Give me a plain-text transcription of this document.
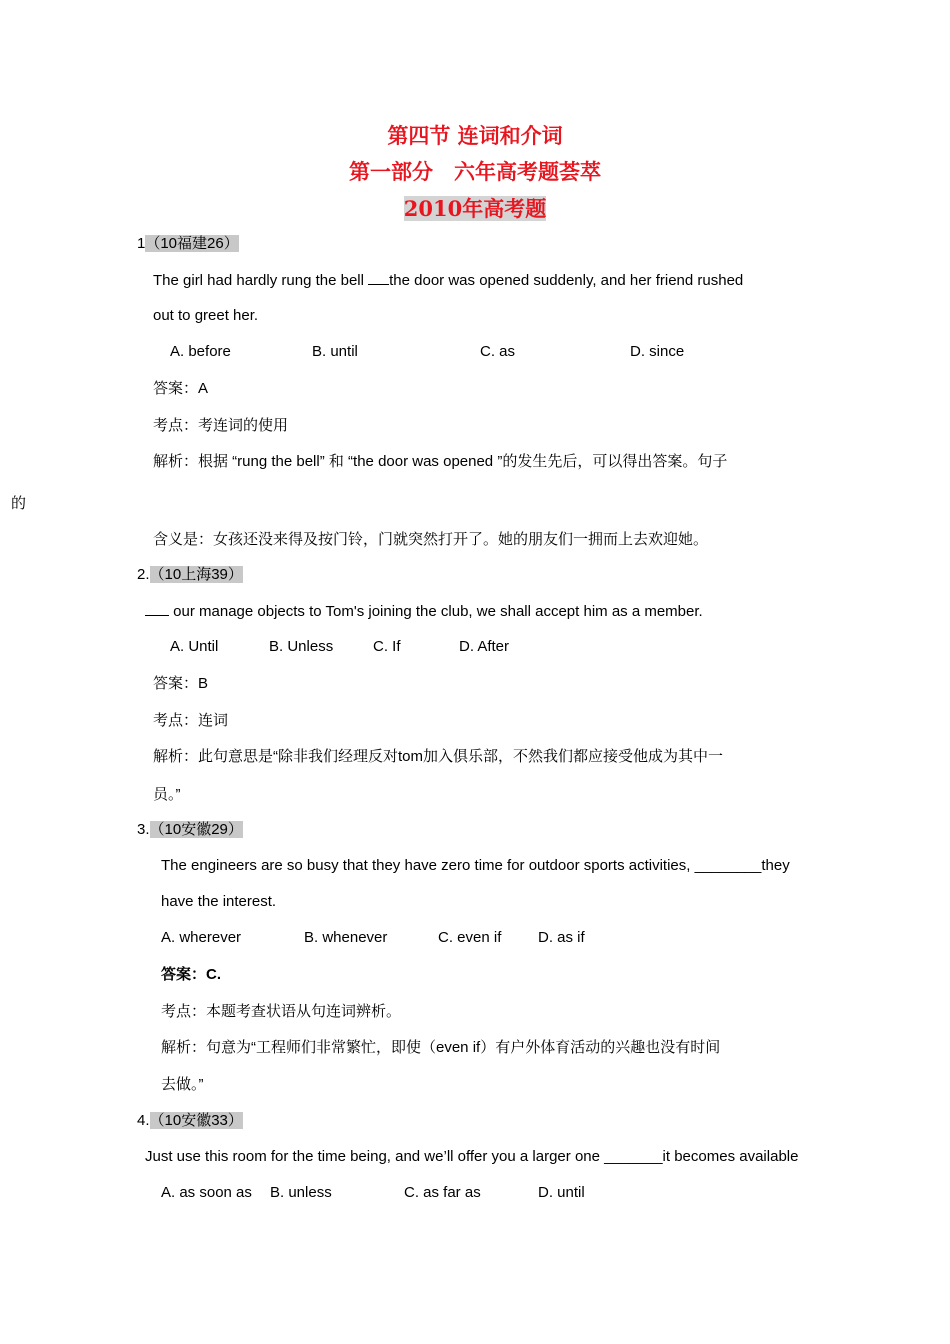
第四节 连词和介词
第一部分　六年高考题荟萃
2010年高考题
1（10福建26）
The girl had hardly rung the bell the door was opened suddenly, and her friend rushed
out to greet her.
A. before	B. until	C. as	D. since
答案：A
考点：考连词的使用
解析：根据 “rung the bell” 和 “the door was opened ”的发生先后，可以得出答案。句子
的
含义是：女孩还没来得及按门铃，门就突然打开了。她的朋友们一拥而上去欢迎她。
2.（10上海39）
our manage objects to Tom's joining the club, we shall accept him as a member.
A. Until	B. Unless	C. If	D. After
答案：B
考点：连词
解析：此句意思是“除非我们经理反对tom加入俱乐部，不然我们都应接受他成为其中一
员。”
3.（10安徽29）
The engineers are so busy that they have zero time for outdoor sports activities, ________they
have the interest.
A. wherever	B. whenever	C. even if D. as if
答案：C.
考点：本题考查状语从句连词辨析。
解析：句意为“工程师们非常繁忙，即使（even if）有户外体育活动的兴趣也没有时间
去做。”
4.（10安徽33）
Just use this room for the time being, and we’ll offer you a larger one _______it becomes available
A. as soon as B. unless	C. as far as	D. until
